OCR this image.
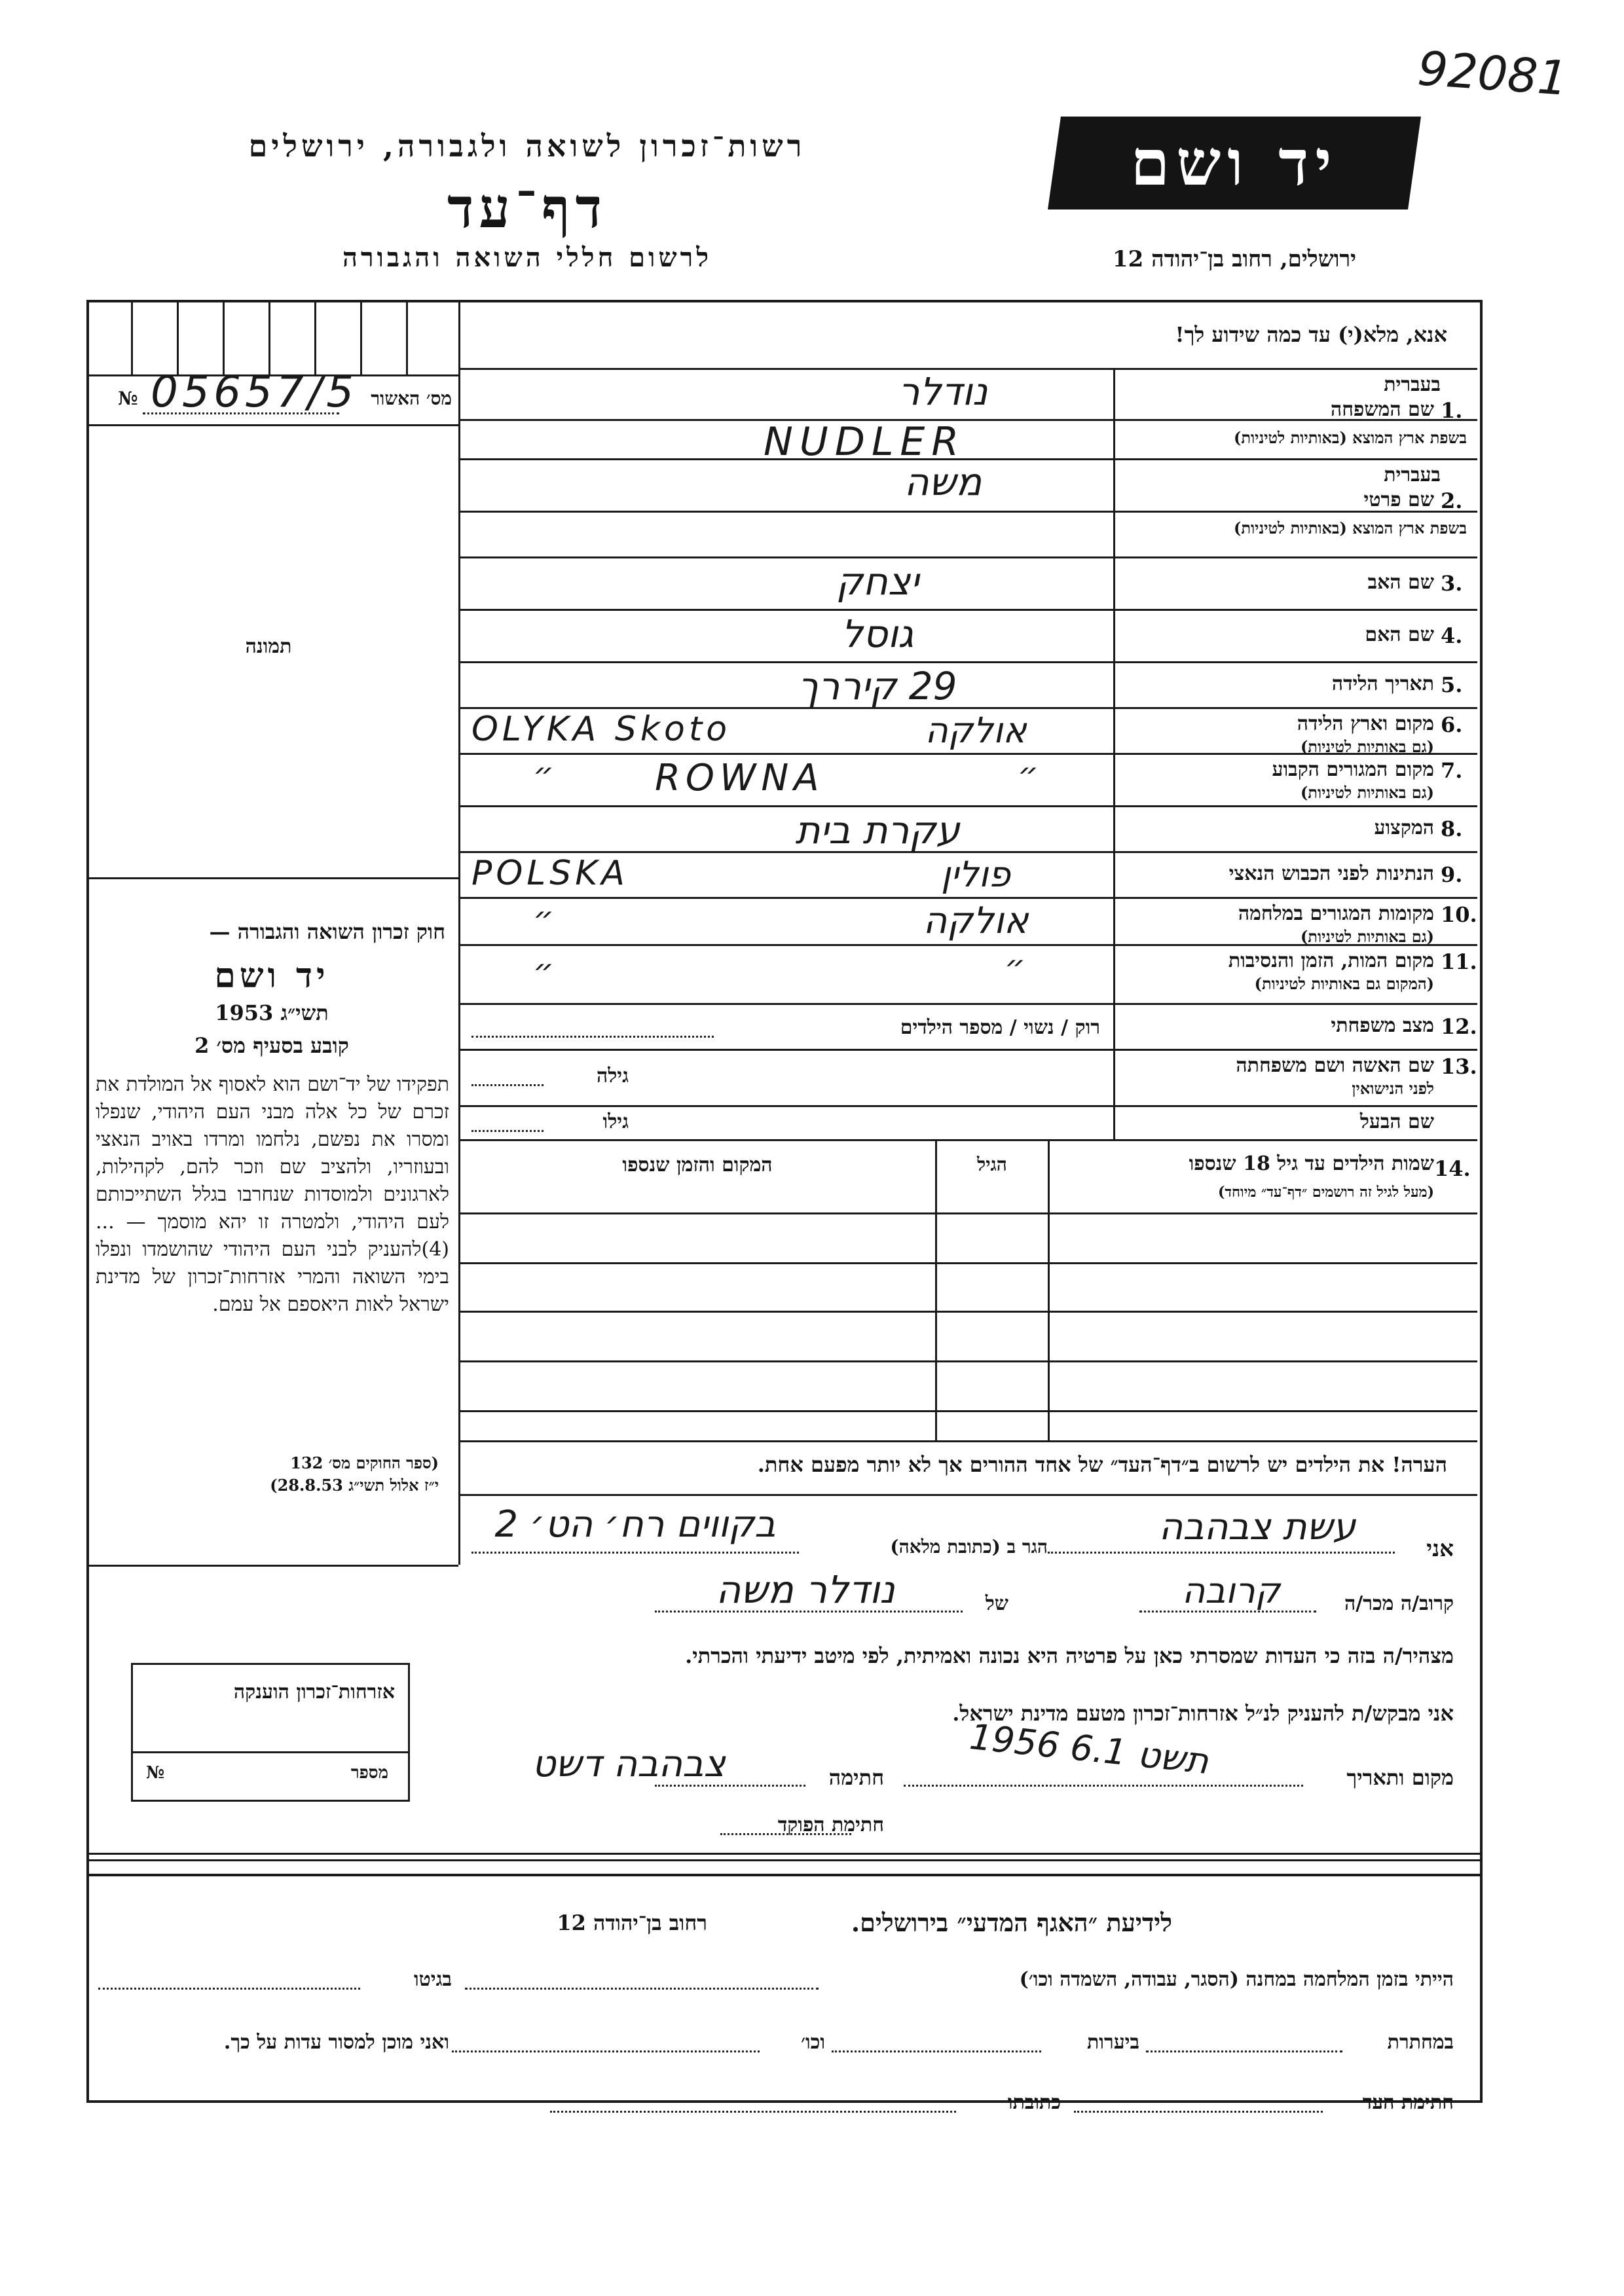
92081
רשות־זכרון לשואה ולגבורה, ירושלים
דף־עד
לרשום חללי השואה והגבורה
יד ושם
ירושלים, רחוב בן־יהודה 12
מס׳ האשור
№ 05657/5
תמונה
חוק זכרון השואה והגבורה —
יד ושם
תשי״ג 1953
קובע בסעיף מס׳ 2
תפקידו של יד־ושם הוא לאסוף אל המולדת את זכרם של כל אלה מבני העם היהודי, שנפלו ומסרו את נפשם, נלחמו ומרדו באויב הנאצי ובעוזריו, ולהציב שם וזכר להם, לקהילות, לארגונים ולמוסדות שנחרבו בגלל השתייכותם לעם היהודי, ולמטרה זו יהא מוסמך — ...(4)להעניק לבני העם היהודי שהושמדו ונפלו בימי השואה והמרי אזרחות־זכרון של מדינת ישראל לאות היאספם אל עמם.
(ספר החוקים מס׳ 132
י״ז אלול תשי״ג 28.8.53)
אנא, מלא(י) עד כמה שידוע לך!
1.
שם המשפחה
בעברית
בשפת ארץ המוצא (באותיות לטיניות)
נודלר
NUDLER
2.
שם פרטי
בעברית
בשפת ארץ המוצא (באותיות לטיניות)
משה
3.
שם האב
יצחק
4.
שם האם
גוסל
5.
תאריך הלידה
29 קיררך
6.
מקום וארץ הלידה
(גם באותיות לטיניות)
OLYKA Skoto	אולקה
7.
מקום המגורים הקבוע
(גם באותיות לטיניות)
״	ROWNA	״
8.
המקצוע
עקרת בית
9.
הנתינות לפני הכבוש הנאצי
POLSKA	פולין
10.
מקומות המגורים במלחמה
(גם באותיות לטיניות)
״	אולקה
11.
מקום המות, הזמן והנסיבות
(המקום גם באותיות לטיניות)
״	״
12.
מצב משפחתי
רוק / נשוי / מספר הילדים
13.
שם האשה ושם משפחתה
לפני הנישואין
גילה
שם הבעל
גילו
14.
שמות הילדים עד גיל 18 שנספו
(מעל לגיל זה רושמים ״דף־עד״ מיוחד)
הגיל
המקום והזמן שנספו
הערה! את הילדים יש לרשום ב״דף־העד״ של אחד ההורים אך לא יותר מפעם אחת.
אני
עשת צבהבה
הגר ב (כתובת מלאה)
בקווים רח׳ הט׳ 2
קרוב/ה מכר/ה
קרובה
של
נודלר משה
מצהיר/ה בזה כי העדות שמסרתי כאן על פרטיה היא נכונה ואמיתית, לפי מיטב ידיעתי והכרתי.
אני מבקש/ת להעניק לנ״ל אזרחות־זכרון מטעם מדינת ישראל.
מקום ותאריך
1956 תשט 6.1
חתימה
צבהבה דשט
חתימת הפוקד
אזרחות־זכרון הוענקה
מספר
№
לידיעת ״האגף המדעי״ בירושלים.
רחוב בן־יהודה 12
הייתי בזמן המלחמה במחנה (הסגר, עבודה, השמדה וכו׳)
בגיטו
במחתרת
ביערות
וכו׳
ואני מוכן למסור עדות על כך.
חתימת העד
כתובתו
